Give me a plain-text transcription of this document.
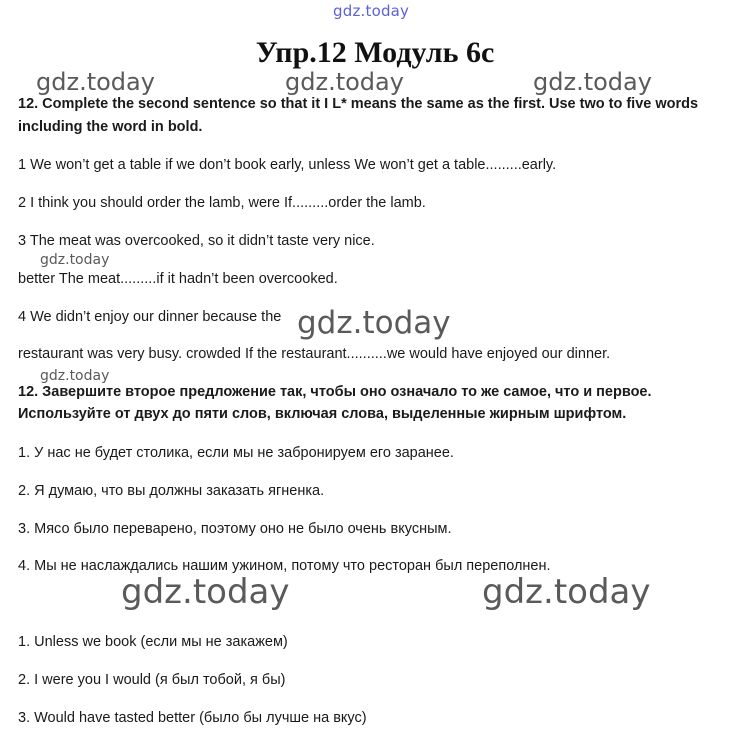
gdz.today
gdz.today	gdz.today	gdz.today
Упр.12 Модуль 6с
12. Complete the second sentence so that it I L* means the same as the first. Use two to five words
including the word in bold.
1 We won’t get a table if we don’t book early, unless We won’t get a table.........early.
2 I think you should order the lamb, were If.........order the lamb.
3 The meat was overcooked, so it didn’t taste very nice.
gdz.today
better The meat.........if it hadn’t been overcooked.
4 We didn’t enjoy our dinner because the gdz.today
restaurant was very busy. crowded If the restaurant..........we would have enjoyed our dinner.
gdz.today
12. Завершите второе предложение так, чтобы оно означало то же самое, что и первое.
Используйте от двух до пяти слов, включая слова, выделенные жирным шрифтом.
1. У нас не будет столика, если мы не забронируем его заранее.
2. Я думаю, что вы должны заказать ягненка.
3. Мясо было переварено, поэтому оно не было очень вкусным.
4. Мы не наслаждались нашим ужином, потому что ресторан был переполнен.
gdz.today	gdz.today
1. Unless we book (если мы не закажем)
2. I were you I would (я был тобой, я бы)
3. Would have tasted better (было бы лучше на вкус)
